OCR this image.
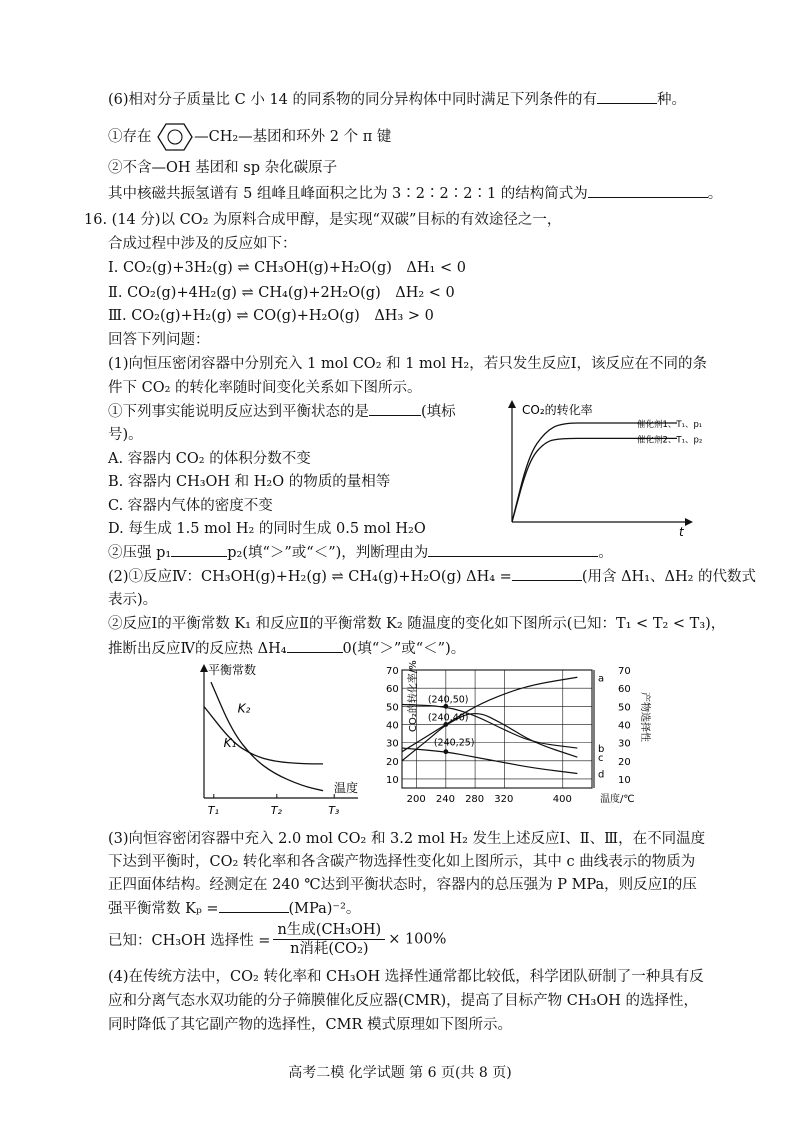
(6)相对分子质量比 C 小 14 的同系物的同分异构体中同时满足下列条件的有	种。
①存在	—CH₂—基团和环外 2 个 π 键
②不含—OH 基团和 sp 杂化碳原子
其中核磁共振氢谱有 5 组峰且峰面积之比为 3∶2∶2∶2∶1 的结构简式为	。
16. (14 分)以 CO₂ 为原料合成甲醇，是实现“双碳”目标的有效途径之一，
合成过程中涉及的反应如下：
Ⅰ. CO₂(g)+3H₂(g) ⇌ CH₃OH(g)+H₂O(g)　ΔH₁ < 0
Ⅱ. CO₂(g)+4H₂(g) ⇌ CH₄(g)+2H₂O(g)　ΔH₂ < 0
Ⅲ. CO₂(g)+H₂(g) ⇌ CO(g)+H₂O(g)　ΔH₃ > 0
回答下列问题：
(1)向恒压密闭容器中分别充入 1 mol CO₂ 和 1 mol H₂，若只发生反应Ⅰ，该反应在不同的条
件下 CO₂ 的转化率随时间变化关系如下图所示。
①下列事实能说明反应达到平衡状态的是	(填标
号)。
A. 容器内 CO₂ 的体积分数不变
B. 容器内 CH₃OH 和 H₂O 的物质的量相等
C. 容器内气体的密度不变
D. 每生成 1.5 mol H₂ 的同时生成 0.5 mol H₂O
CO₂的转化率
t
催化剂1、T₁、p₁
催化剂2、T₁、p₂
②压强 p₁	p₂(填“＞”或“＜”)，判断理由为	。
(2)①反应Ⅳ：CH₃OH(g)+H₂(g) ⇌ CH₄(g)+H₂O(g) ΔH₄ =	(用含 ΔH₁、ΔH₂ 的代数式
表示)。
②反应Ⅰ的平衡常数 K₁ 和反应Ⅱ的平衡常数 K₂ 随温度的变化如下图所示(已知：T₁ < T₂ < T₃)，
推断出反应Ⅳ的反应热 ΔH₄	0(填“＞”或“＜”)。
平衡常数
温度
T₁	T₂	T₃
K₂
K₁
200 240 280 320	400
10
20
30
40
50
60
70
10
20
30
40
50
60
70
CO₂的转化率/%	产物选择性
温度/℃
a
b
c
d
(240,50)
(240,40)
(240,25)
(3)向恒容密闭容器中充入 2.0 mol CO₂ 和 3.2 mol H₂ 发生上述反应Ⅰ、Ⅱ、Ⅲ，在不同温度
下达到平衡时，CO₂ 转化率和各含碳产物选择性变化如上图所示，其中 c 曲线表示的物质为
正四面体结构。经测定在 240 ℃达到平衡状态时，容器内的总压强为 P MPa，则反应Ⅰ的压
强平衡常数 Kₚ =	(MPa)⁻²。
已知：CH₃OH 选择性 = $\frac{\text{n生成(CH₃OH)}}{\text{n消耗(CO₂)}} \times 100\%$
(4)在传统方法中，CO₂ 转化率和 CH₃OH 选择性通常都比较低，科学团队研制了一种具有反
应和分离气态水双功能的分子筛膜催化反应器(CMR)，提高了目标产物 CH₃OH 的选择性，
同时降低了其它副产物的选择性，CMR 模式原理如下图所示。
高考二模 化学试题 第 6 页(共 8 页)
